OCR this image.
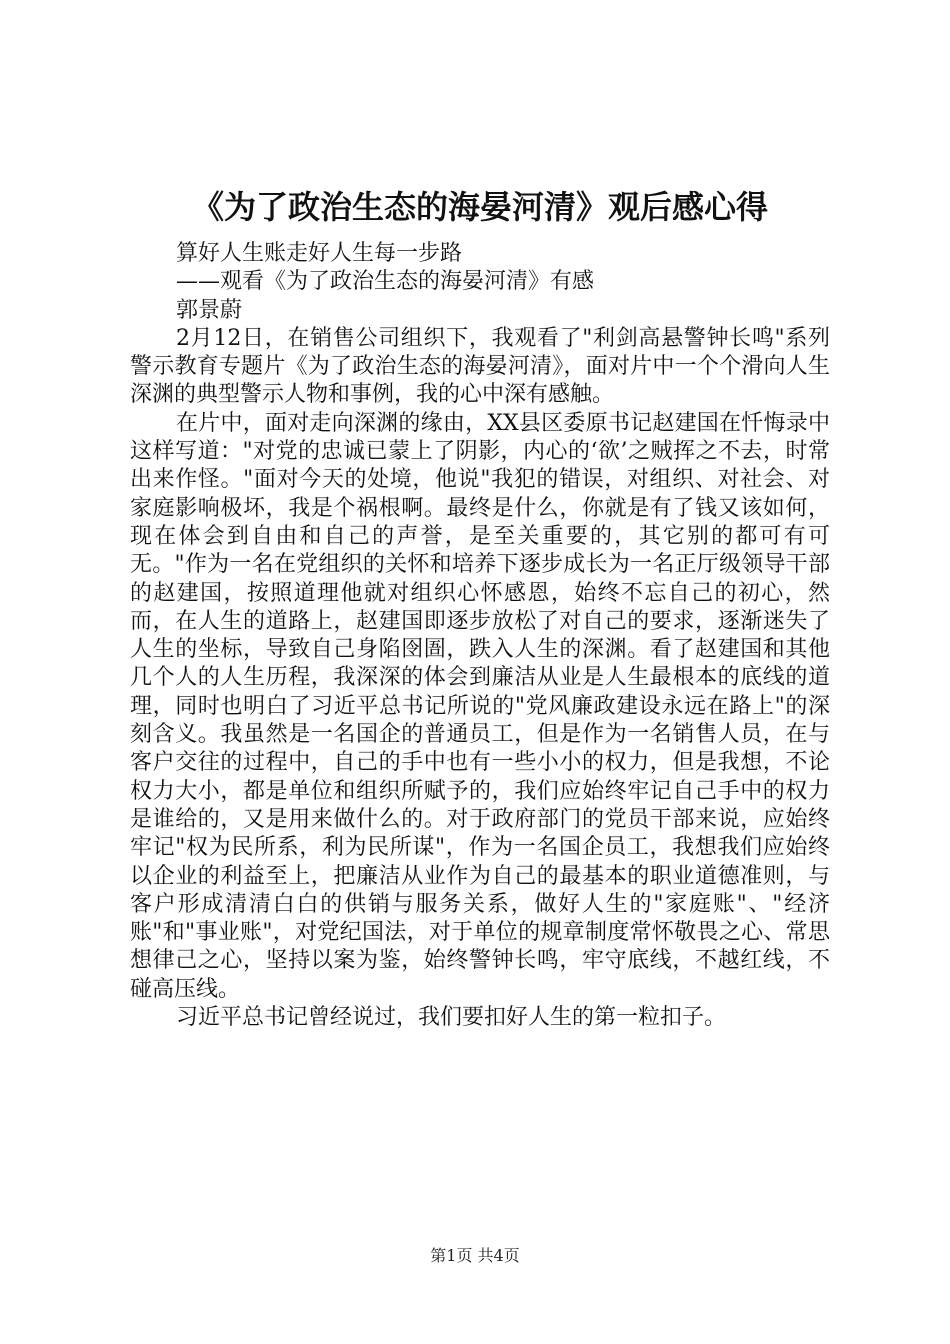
《为了政治生态的海晏河清》观后感心得

算好人生账走好人生每一步路

——观看《为了政治生态的海晏河清》有感

郭景蔚

2月12日，在销售公司组织下，我观看了"利剑高悬警钟长鸣"系列警示教育专题片《为了政治生态的海晏河清》，面对片中一个个滑向人生深渊的典型警示人物和事例，我的心中深有感触。

在片中，面对走向深渊的缘由，XX县区委原书记赵建国在忏悔录中这样写道："对党的忠诚已蒙上了阴影，内心的‘欲’之贼挥之不去，时常出来作怪。"面对今天的处境，他说"我犯的错误，对组织、对社会、对家庭影响极坏，我是个祸根啊。最终是什么，你就是有了钱又该如何，现在体会到自由和自己的声誉，是至关重要的，其它别的都可有可无。"作为一名在党组织的关怀和培养下逐步成长为一名正厅级领导干部的赵建国，按照道理他就对组织心怀感恩，始终不忘自己的初心，然而，在人生的道路上，赵建国即逐步放松了对自己的要求，逐渐迷失了人生的坐标，导致自己身陷囹圄，跌入人生的深渊。看了赵建国和其他几个人的人生历程，我深深的体会到廉洁从业是人生最根本的底线的道理，同时也明白了习近平总书记所说的"党风廉政建设永远在路上"的深刻含义。我虽然是一名国企的普通员工，但是作为一名销售人员，在与客户交往的过程中，自己的手中也有一些小小的权力，但是我想，不论权力大小，都是单位和组织所赋予的，我们应始终牢记自己手中的权力是谁给的，又是用来做什么的。对于政府部门的党员干部来说，应始终牢记"权为民所系，利为民所谋"，作为一名国企员工，我想我们应始终以企业的利益至上，把廉洁从业作为自己的最基本的职业道德准则，与客户形成清清白白的供销与服务关系，做好人生的"家庭账"、"经济账"和"事业账"，对党纪国法，对于单位的规章制度常怀敬畏之心、常思想律己之心，坚持以案为鉴，始终警钟长鸣，牢守底线，不越红线，不碰高压线。

习近平总书记曾经说过，我们要扣好人生的第一粒扣子。

第1页 共4页
